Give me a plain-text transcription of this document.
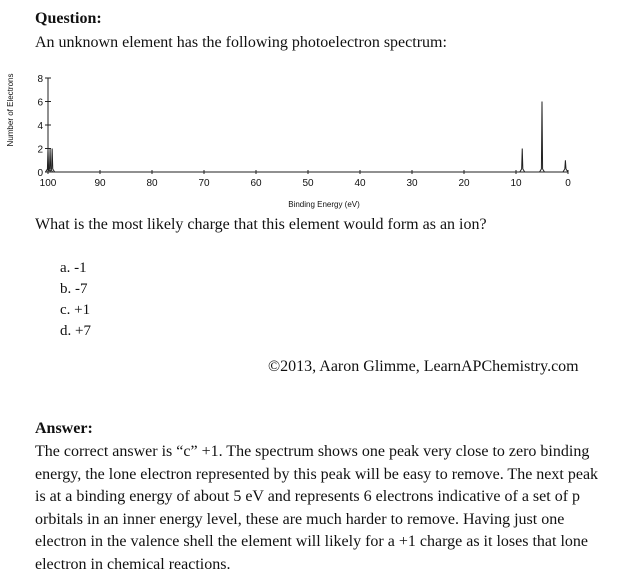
Question:
An unknown element has the following photoelectron spectrum:
Number of Electrons
0
2
4
6
8
100	90	80	70	60	50	40	30	20	10	0
Binding Energy (eV)
What is the most likely charge that this element would form as an ion?
a. -1
b. -7
c. +1
d. +7
©2013, Aaron Glimme, LearnAPChemistry.com
Answer:
The correct answer is “c” +1. The spectrum shows one peak very close to zero binding
energy, the lone electron represented by this peak will be easy to remove. The next peak
is at a binding energy of about 5 eV and represents 6 electrons indicative of a set of p
orbitals in an inner energy level, these are much harder to remove. Having just one
electron in the valence shell the element will likely for a +1 charge as it loses that lone
electron in chemical reactions.
